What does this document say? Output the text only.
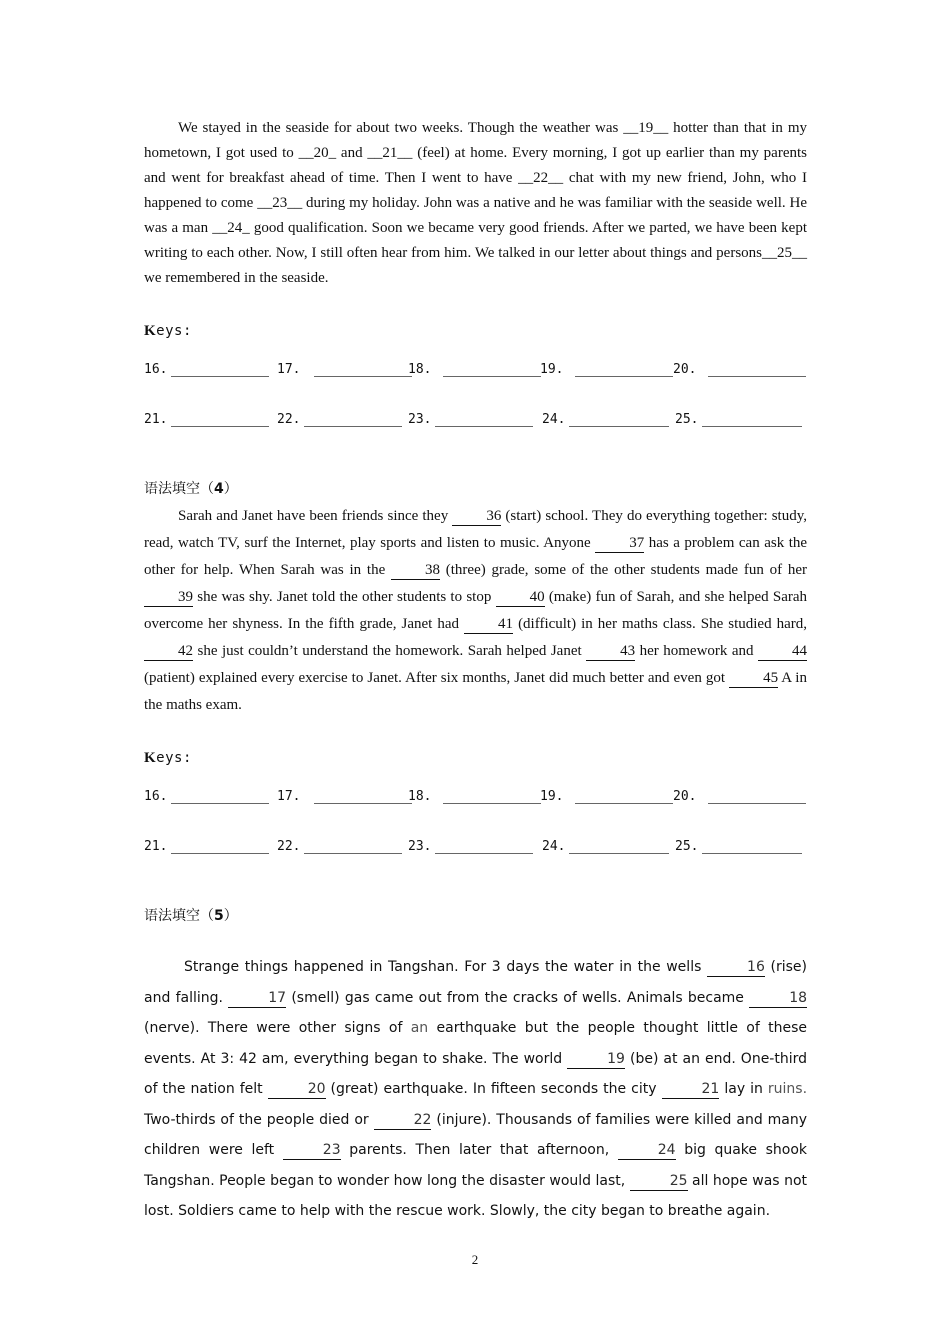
We stayed in the seaside for about two weeks. Though the weather was __19__ hotter than that in my hometown, I got used to __20_ and __21__ (feel) at home. Every morning, I got up earlier than my parents and went for breakfast ahead of time. Then I went to have __22__ chat with my new friend, John, who I happened to come __23__ during my holiday. John was a native and he was familiar with the seaside well. He was a man __24_ good qualification. Soon we became very good friends. After we parted, we have been kept writing to each other. Now, I still often hear from him. We talked in our letter about things and persons__25__ we remembered in the seaside.

Keys:
16.	17.	18.	19.	20.
21.	22.	23.	24.	25.
语法填空（4）

Sarah and Janet have been friends since they	36 (start) school. They do everything together: study, read, watch TV, surf the Internet, play sports and listen to music. Anyone	37 has a problem can ask the other for help. When Sarah was in the	38 (three) grade, some of the other students made fun of her 39 she was shy. Janet told the other students to stop	40 (make) fun of Sarah, and she helped Sarah overcome her shyness. In the fifth grade, Janet had	41 (difficult) in her maths class. She studied hard, 42 she just couldn’t understand the homework. Sarah helped Janet	43 her homework and	44 (patient) explained every exercise to Janet. After six months, Janet did much better and even got	45 A in the maths exam.

Keys:
16.	17.	18.	19.	20.
21.	22.	23.	24.	25.
语法填空（5）

Strange things happened in Tangshan. For 3 days the water in the wells	16 (rise) and falling.	17 (smell) gas came out from the cracks of wells. Animals became	18 (nerve). There were other signs of an earthquake but the people thought little of these events. At 3: 42 am, everything began to shake. The world	19 (be) at an end. One-third of the nation felt	20 (great) earthquake. In fifteen seconds the city	21 lay in ruins. Two-thirds of the people died or	22 (injure). Thousands of families were killed and many children were left	23 parents. Then later that afternoon,	24 big quake shook Tangshan. People began to wonder how long the disaster would last,	25 all hope was not lost. Soldiers came to help with the rescue work. Slowly, the city began to breathe again.

2
